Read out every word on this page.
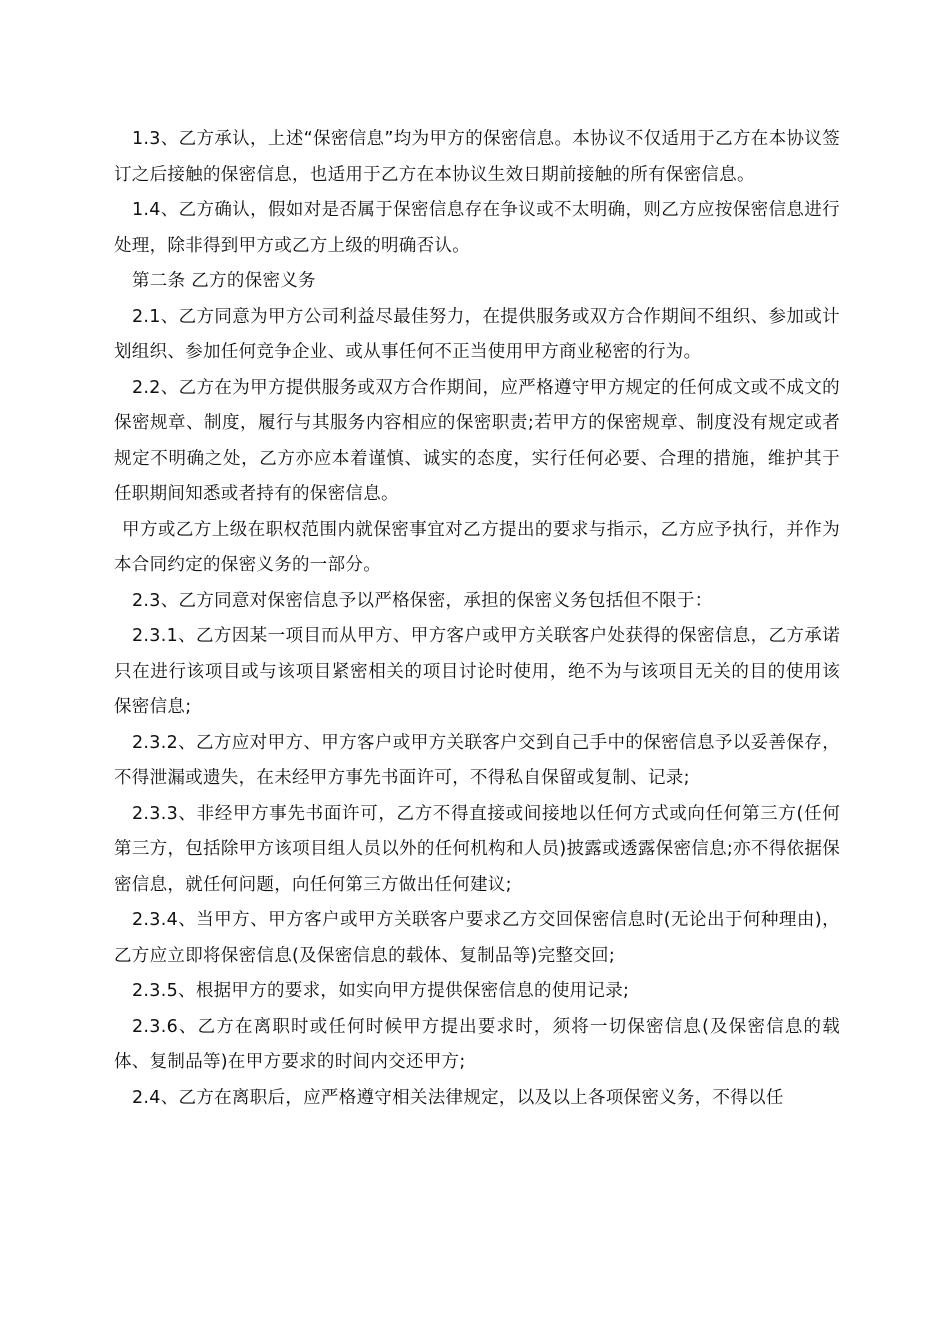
1.3、乙方承认，上述“保密信息”均为甲方的保密信息。本协议不仅适用于乙方在本协议签订之后接触的保密信息，也适用于乙方在本协议生效日期前接触的所有保密信息。

1.4、乙方确认，假如对是否属于保密信息存在争议或不太明确，则乙方应按保密信息进行处理，除非得到甲方或乙方上级的明确否认。

第二条 乙方的保密义务

2.1、乙方同意为甲方公司利益尽最佳努力，在提供服务或双方合作期间不组织、参加或计划组织、参加任何竞争企业、或从事任何不正当使用甲方商业秘密的行为。

2.2、乙方在为甲方提供服务或双方合作期间，应严格遵守甲方规定的任何成文或不成文的保密规章、制度，履行与其服务内容相应的保密职责;若甲方的保密规章、制度没有规定或者规定不明确之处，乙方亦应本着谨慎、诚实的态度，实行任何必要、合理的措施，维护其于任职期间知悉或者持有的保密信息。

甲方或乙方上级在职权范围内就保密事宜对乙方提出的要求与指示，乙方应予执行，并作为本合同约定的保密义务的一部分。

2.3、乙方同意对保密信息予以严格保密，承担的保密义务包括但不限于：

2.3.1、乙方因某一项目而从甲方、甲方客户或甲方关联客户处获得的保密信息，乙方承诺只在进行该项目或与该项目紧密相关的项目讨论时使用，绝不为与该项目无关的目的使用该保密信息;

2.3.2、乙方应对甲方、甲方客户或甲方关联客户交到自己手中的保密信息予以妥善保存，不得泄漏或遗失，在未经甲方事先书面许可，不得私自保留或复制、记录;

2.3.3、非经甲方事先书面许可，乙方不得直接或间接地以任何方式或向任何第三方(任何第三方，包括除甲方该项目组人员以外的任何机构和人员)披露或透露保密信息;亦不得依据保密信息，就任何问题，向任何第三方做出任何建议;

2.3.4、当甲方、甲方客户或甲方关联客户要求乙方交回保密信息时(无论出于何种理由)，乙方应立即将保密信息(及保密信息的载体、复制品等)完整交回;

2.3.5、根据甲方的要求，如实向甲方提供保密信息的使用记录;

2.3.6、乙方在离职时或任何时候甲方提出要求时，须将一切保密信息(及保密信息的载体、复制品等)在甲方要求的时间内交还甲方;

2.4、乙方在离职后，应严格遵守相关法律规定，以及以上各项保密义务，不得以任
